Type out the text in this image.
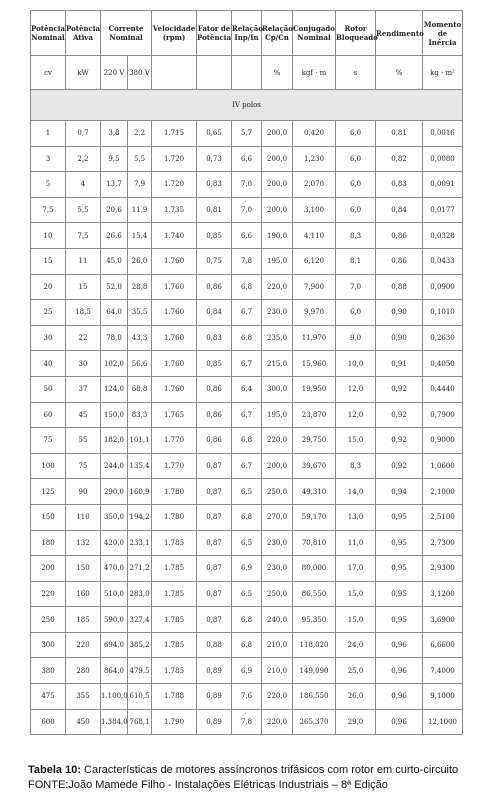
Potência Nominal	Potência Ativa	Corrente Nominal		Velocidade (rpm)	Fator de Potência	Relação Inp/In	Relação Cp/Cn	Conjugado Nominal	Rotor Bloqueado	Rendimento	Momento de Inércia
cv	kW	220 V	380 V				%	kgf · m	s	%	kg · m²
IV polos											
1	0,7	3,8	2,2	1.715	0,65	5,7	200,0	0,420	6,0	0,81	0,0016
3	2,2	9,5	5,5	1.720	0,73	6,6	200,0	1,230	6,0	0,82	0,0080
5	4	13,7	7,9	1.720	0,83	7,0	200,0	2,070	6,0	0,83	0,0091
7,5	5,5	20,6	11,9	1.735	0,81	7,0	200,0	3,100	6,0	0,84	0,0177
10	7,5	26,6	15,4	1.740	0,85	6,6	190,0	4,110	8,3	0,86	0,0328
15	11	45,0	26,0	1.760	0,75	7,8	195,0	6,120	8,1	0,86	0,0433
20	15	52,0	28,8	1.760	0,86	6,8	220,0	7,900	7,0	0,88	0,0900
25	18,5	64,0	35,5	1.760	0,84	6,7	230,0	9,970	6,0	0,90	0,1010
30	22	78,0	43,3	1.760	0,83	6,8	235,0	11,970	9,0	0,90	0,2630
40	30	102,0	56,6	1.760	0,85	6,7	215,0	15,960	10,0	0,91	0,4050
50	37	124,0	68,8	1.760	0,86	6,4	300,0	19,950	12,0	0,92	0,4440
60	45	150,0	83,3	1.765	0,86	6,7	195,0	23,870	12,0	0,92	0,7900
75	55	182,0	101,1	1.770	0,86	6,8	220,0	29,750	15,0	0,92	0,9000
100	75	244,0	135,4	1.770	0,87	6,7	200,0	39,670	8,3	0,92	1,0600
125	90	290,0	160,9	1.780	0,87	6,5	250,0	49,310	14,0	0,94	2,1000
150	110	350,0	194,2	1.780	0,87	6,8	270,0	59,170	13,0	0,95	2,5100
180	132	420,0	233,1	1.785	0,87	6,5	230,0	70,810	11,0	0,95	2,7300
200	150	470,0	271,2	1.785	0,87	6,9	230,0	80,000	17,0	0,95	2,9300
220	160	510,0	283,0	1.785	0,87	6,5	250,0	86,550	15,0	0,95	3,1200
250	185	590,0	327,4	1.785	0,87	6,8	240,0	95,350	15,0	0,95	3,6900
300	220	694,0	385,2	1.785	0,88	6,8	210,0	118,020	24,0	0,96	6,6600
380	280	864,0	479,5	1.785	0,89	6,9	210,0	149,090	25,0	0,96	7,4000
475	355	1.100,0	610,5	1.788	0,89	7,6	220,0	186,550	26,0	0,96	9,1000
600	450	1.384,0	768,1	1.790	0,89	7,8	220,0	265,370	29,0	0,96	12,1000
Tabela 10: Características de motores assíncronos trifásicos com rotor em curto-circuito
FONTE:João Mamede Filho - Instalações Elétricas Industriais – 8ª Edição
